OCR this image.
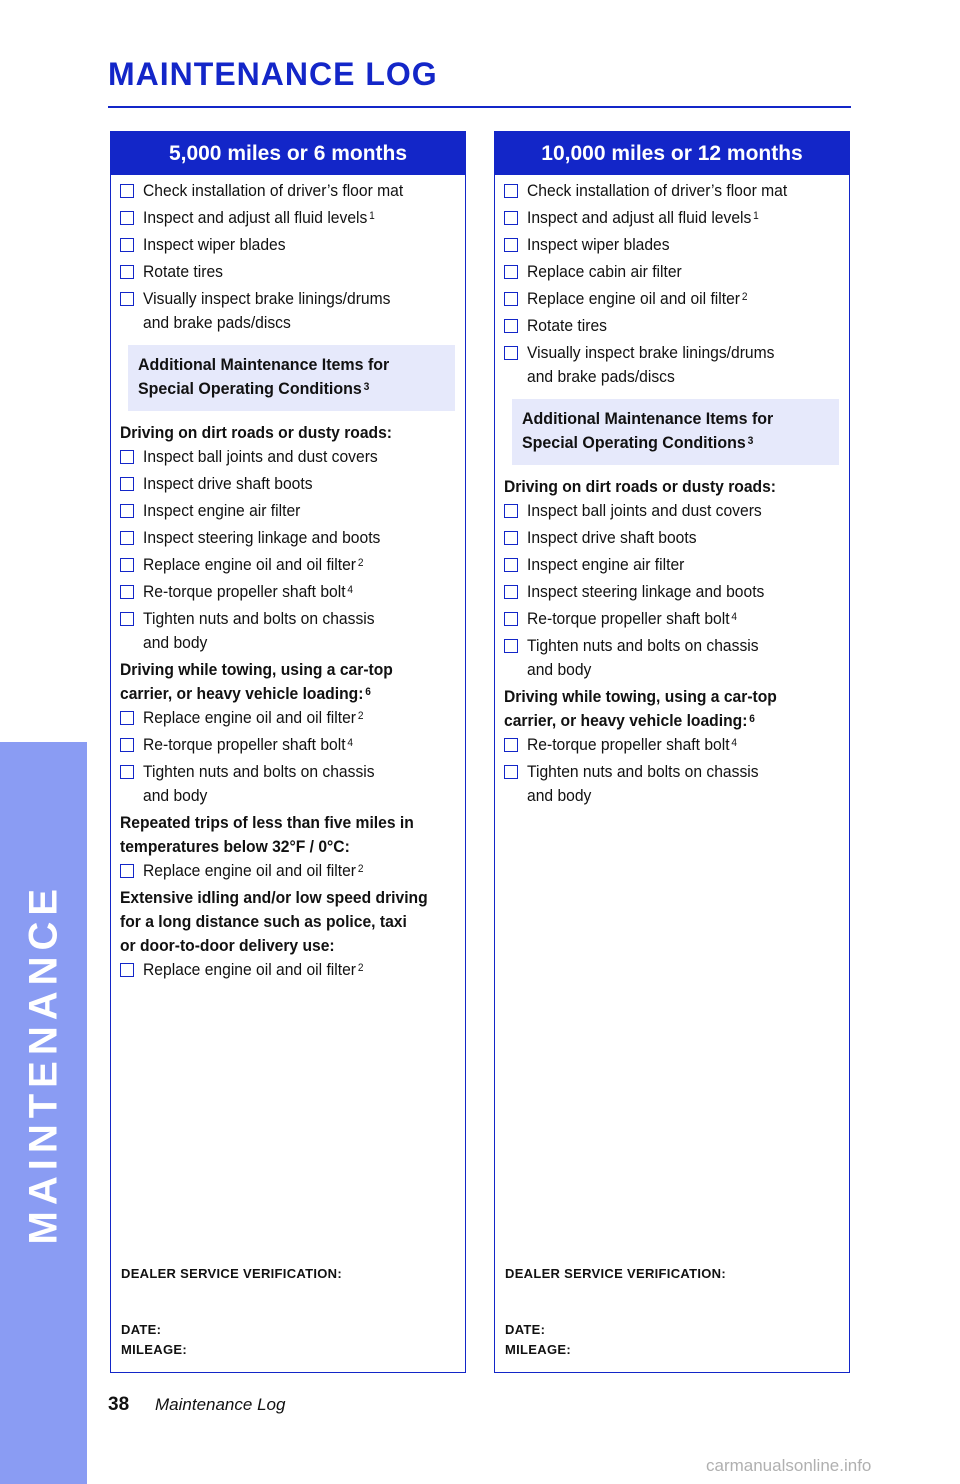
MAINTENANCE
MAINTENANCE LOG
5,000 miles or 6 months
Check installation of driver’s floor mat
Inspect and adjust all fluid levels $^1$
Inspect wiper blades
Rotate tires
Visually inspect brake linings/drums
and brake pads/discs
Additional Maintenance Items for
Special Operating Conditions $^3$
Driving on dirt roads or dusty roads:
Inspect ball joints and dust covers
Inspect drive shaft boots
Inspect engine air filter
Inspect steering linkage and boots
Replace engine oil and oil filter $^2$
Re-torque propeller shaft bolt $^4$
Tighten nuts and bolts on chassis
and body
Driving while towing, using a car-top
carrier, or heavy vehicle loading: $^6$
Replace engine oil and oil filter $^2$
Re-torque propeller shaft bolt $^4$
Tighten nuts and bolts on chassis
and body
Repeated trips of less than five miles in
temperatures below 32°F / 0°C:
Replace engine oil and oil filter $^2$
Extensive idling and/or low speed driving
for a long distance such as police, taxi
or door-to-door delivery use:
Replace engine oil and oil filter $^2$
DEALER SERVICE VERIFICATION:
DATE:
MILEAGE:
10,000 miles or 12 months
Check installation of driver’s floor mat
Inspect and adjust all fluid levels $^1$
Inspect wiper blades
Replace cabin air filter
Replace engine oil and oil filter $^2$
Rotate tires
Visually inspect brake linings/drums
and brake pads/discs
Additional Maintenance Items for
Special Operating Conditions $^3$
Driving on dirt roads or dusty roads:
Inspect ball joints and dust covers
Inspect drive shaft boots
Inspect engine air filter
Inspect steering linkage and boots
Re-torque propeller shaft bolt $^4$
Tighten nuts and bolts on chassis
and body
Driving while towing, using a car-top
carrier, or heavy vehicle loading: $^6$
Re-torque propeller shaft bolt $^4$
Tighten nuts and bolts on chassis
and body
DEALER SERVICE VERIFICATION:
DATE:
MILEAGE:
38 Maintenance Log
carmanualsonline.info
